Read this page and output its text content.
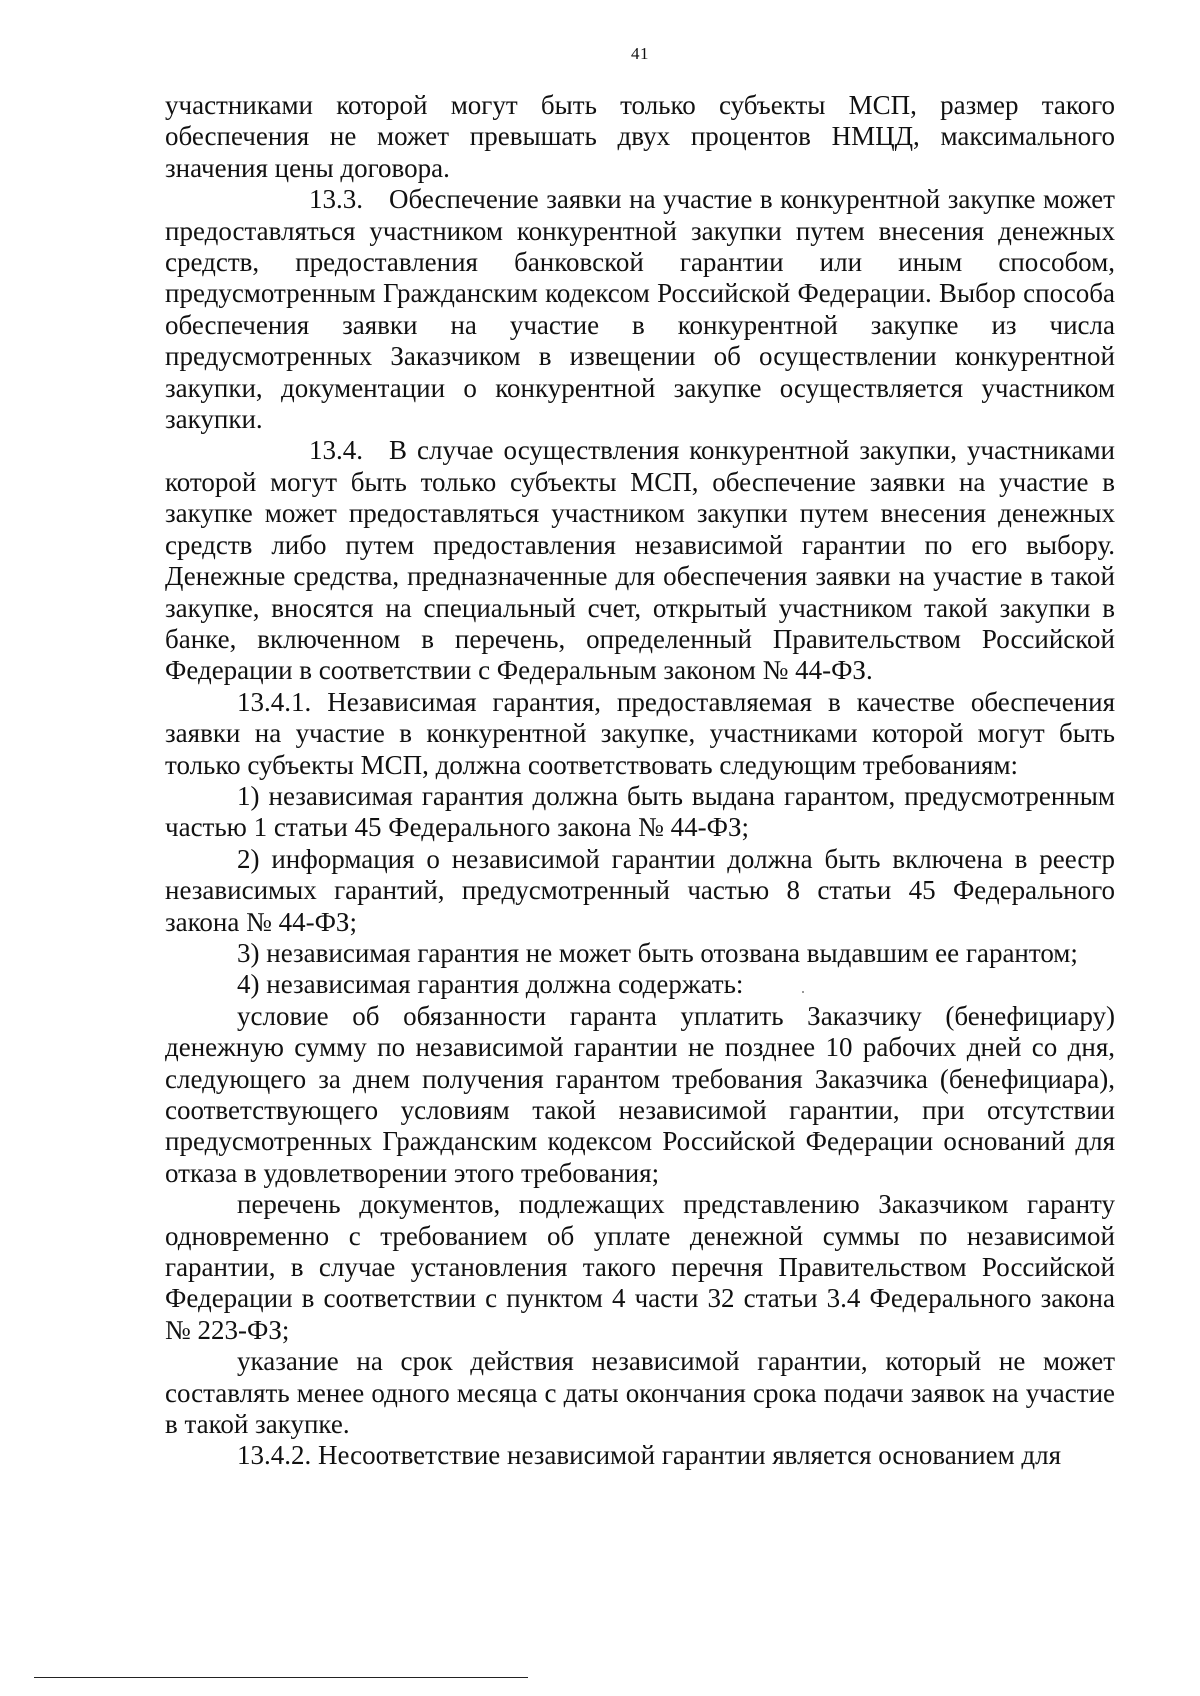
41

участниками которой могут быть только субъекты МСП, размер такого обеспечения не может превышать двух процентов НМЦД, максимального значения цены договора.

13.3. Обеспечение заявки на участие в конкурентной закупке может предоставляться участником конкурентной закупки путем внесения денежных средств, предоставления банковской гарантии или иным способом, предусмотренным Гражданским кодексом Российской Федерации. Выбор способа обеспечения заявки на участие в конкурентной закупке из числа предусмотренных Заказчиком в извещении об осуществлении конкурентной закупки, документации о конкурентной закупке осуществляется участником закупки.

13.4. В случае осуществления конкурентной закупки, участниками которой могут быть только субъекты МСП, обеспечение заявки на участие в закупке может предоставляться участником закупки путем внесения денежных средств либо путем предоставления независимой гарантии по его выбору. Денежные средства, предназначенные для обеспечения заявки на участие в такой закупке, вносятся на специальный счет, открытый участником такой закупки в банке, включенном в перечень, определенный Правительством Российской Федерации в соответствии с Федеральным законом № 44-ФЗ.

13.4.1. Независимая гарантия, предоставляемая в качестве обеспечения заявки на участие в конкурентной закупке, участниками которой могут быть только субъекты МСП, должна соответствовать следующим требованиям:

1) независимая гарантия должна быть выдана гарантом, предусмотренным частью 1 статьи 45 Федерального закона № 44-ФЗ;

2) информация о независимой гарантии должна быть включена в реестр независимых гарантий, предусмотренный частью 8 статьи 45 Федерального закона № 44-ФЗ;

3) независимая гарантия не может быть отозвана выдавшим ее гарантом;

4) независимая гарантия должна содержать:

условие об обязанности гаранта уплатить Заказчику (бенефициару) денежную сумму по независимой гарантии не позднее 10 рабочих дней со дня, следующего за днем получения гарантом требования Заказчика (бенефициара), соответствующего условиям такой независимой гарантии, при отсутствии предусмотренных Гражданским кодексом Российской Федерации оснований для отказа в удовлетворении этого требования;

перечень документов, подлежащих представлению Заказчиком гаранту одновременно с требованием об уплате денежной суммы по независимой гарантии, в случае установления такого перечня Правительством Российской Федерации в соответствии с пунктом 4 части 32 статьи 3.4 Федерального закона № 223-ФЗ;

указание на срок действия независимой гарантии, который не может составлять менее одного месяца с даты окончания срока подачи заявок на участие в такой закупке.

13.4.2. Несоответствие независимой гарантии является основанием для
